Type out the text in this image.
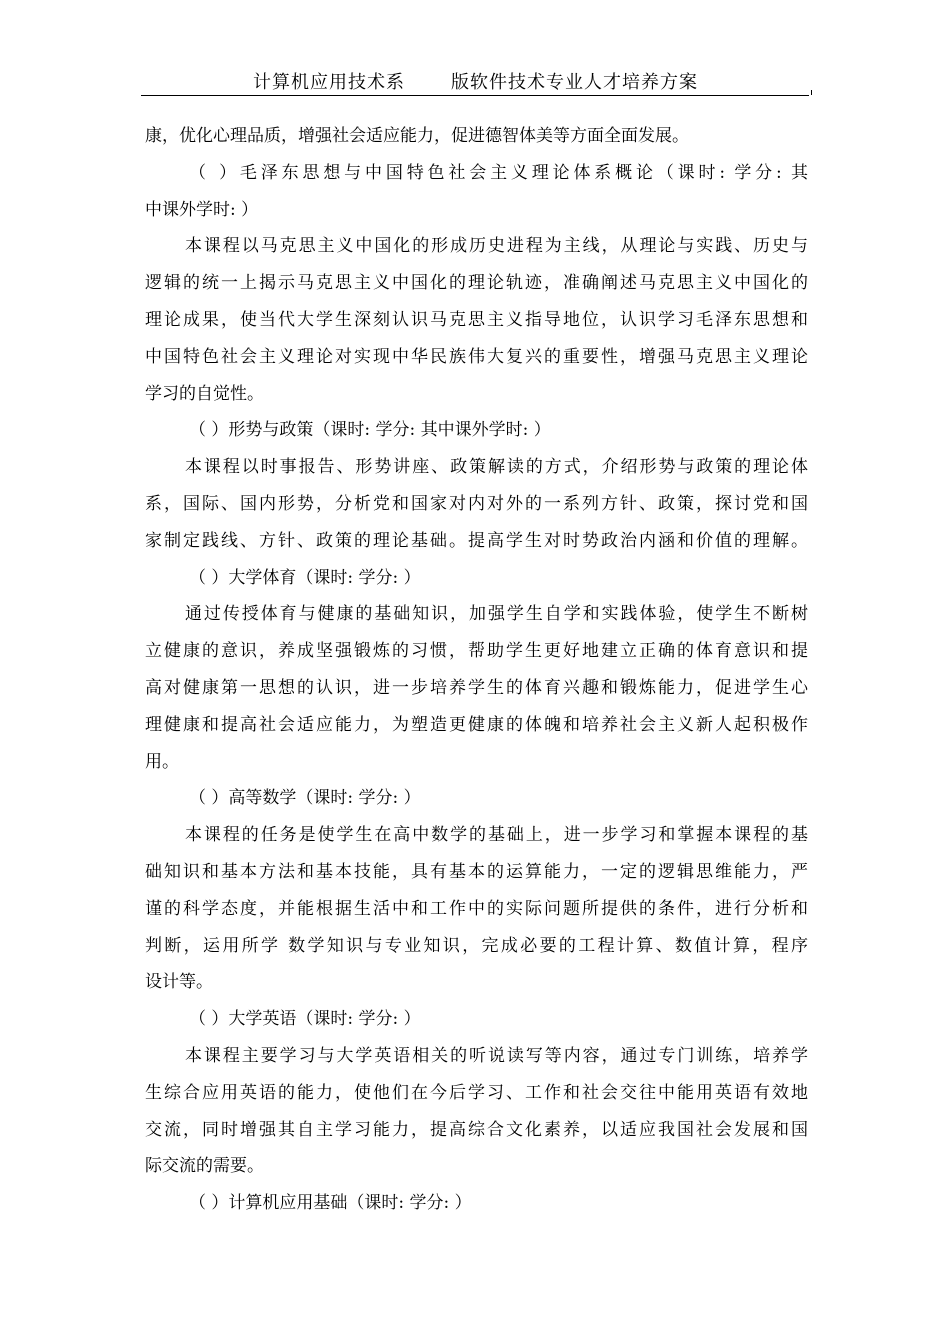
计算机应用技术系	版软件技术专业人才培养方案
康，优化心理品质，增强社会适应能力，促进德智体美等方面全面发展。
（ ）毛泽东思想与中国特色社会主义理论体系概论（课时: 学分: 其
中课外学时: ）
本课程以马克思主义中国化的形成历史进程为主线，从理论与实践、历史与
逻辑的统一上揭示马克思主义中国化的理论轨迹，准确阐述马克思主义中国化的
理论成果，使当代大学生深刻认识马克思主义指导地位，认识学习毛泽东思想和
中国特色社会主义理论对实现中华民族伟大复兴的重要性，增强马克思主义理论
学习的自觉性。
（ ）形势与政策（课时: 学分: 其中课外学时: ）
本课程以时事报告、形势讲座、政策解读的方式，介绍形势与政策的理论体
系，国际、国内形势，分析党和国家对内对外的一系列方针、政策，探讨党和国
家制定践线、方针、政策的理论基础。提高学生对时势政治内涵和价值的理解。
（ ）大学体育（课时: 学分: ）
通过传授体育与健康的基础知识，加强学生自学和实践体验，使学生不断树
立健康的意识，养成坚强锻炼的习惯，帮助学生更好地建立正确的体育意识和提
高对健康第一思想的认识，进一步培养学生的体育兴趣和锻炼能力，促进学生心
理健康和提高社会适应能力，为塑造更健康的体魄和培养社会主义新人起积极作
用。
（ ）高等数学（课时: 学分: ）
本课程的任务是使学生在高中数学的基础上，进一步学习和掌握本课程的基
础知识和基本方法和基本技能，具有基本的运算能力，一定的逻辑思维能力，严
谨的科学态度，并能根据生活中和工作中的实际问题所提供的条件，进行分析和
判断，运用所学 数学知识与专业知识，完成必要的工程计算、数值计算，程序
设计等。
（ ）大学英语（课时: 学分: ）
本课程主要学习与大学英语相关的听说读写等内容，通过专门训练，培养学
生综合应用英语的能力，使他们在今后学习、工作和社会交往中能用英语有效地
交流，同时增强其自主学习能力，提高综合文化素养，以适应我国社会发展和国
际交流的需要。
（ ）计算机应用基础（课时: 学分: ）
